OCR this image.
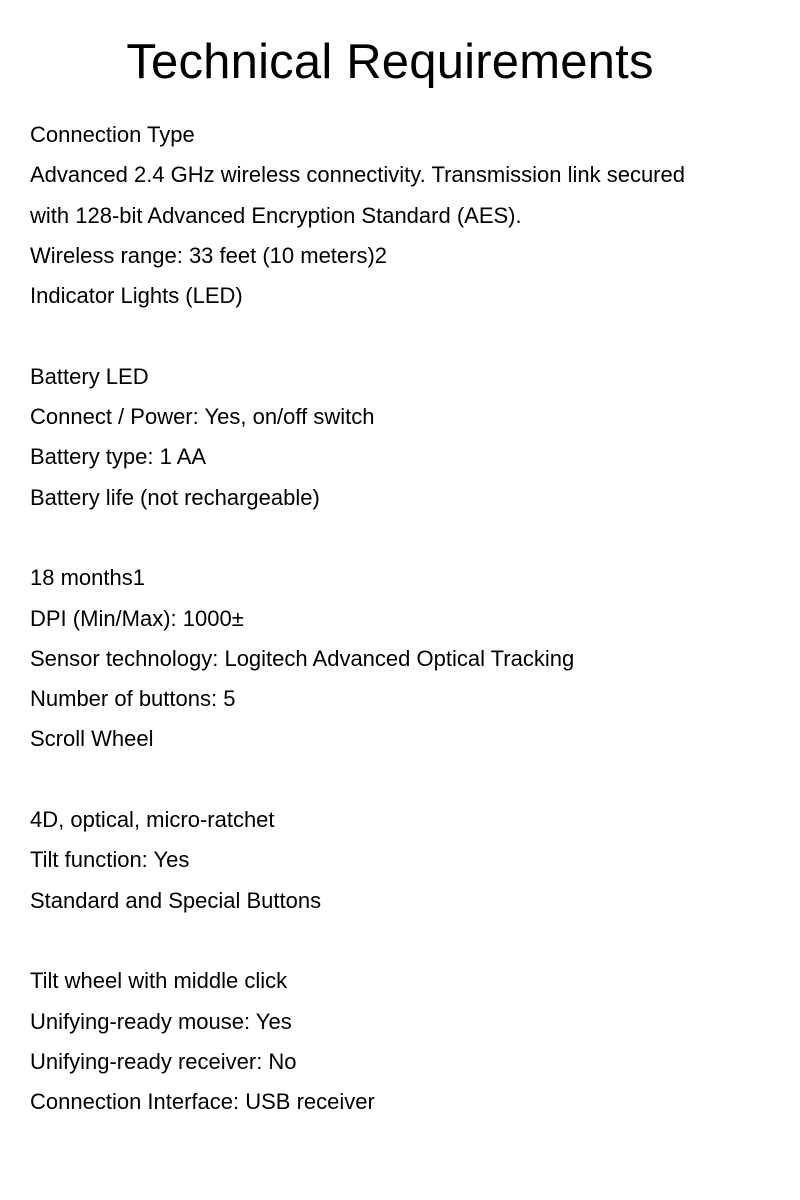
Technical Requirements
Connection Type
Advanced 2.4 GHz wireless connectivity. Transmission link secured
with 128-bit Advanced Encryption Standard (AES).
Wireless range: 33 feet (10 meters)2
Indicator Lights (LED)
Battery LED
Connect / Power: Yes, on/off switch
Battery type: 1 AA
Battery life (not rechargeable)
18 months1
DPI (Min/Max): 1000±
Sensor technology: Logitech Advanced Optical Tracking
Number of buttons: 5
Scroll Wheel
4D, optical, micro-ratchet
Tilt function: Yes
Standard and Special Buttons
Tilt wheel with middle click
Unifying-ready mouse: Yes
Unifying-ready receiver: No
Connection Interface: USB receiver
